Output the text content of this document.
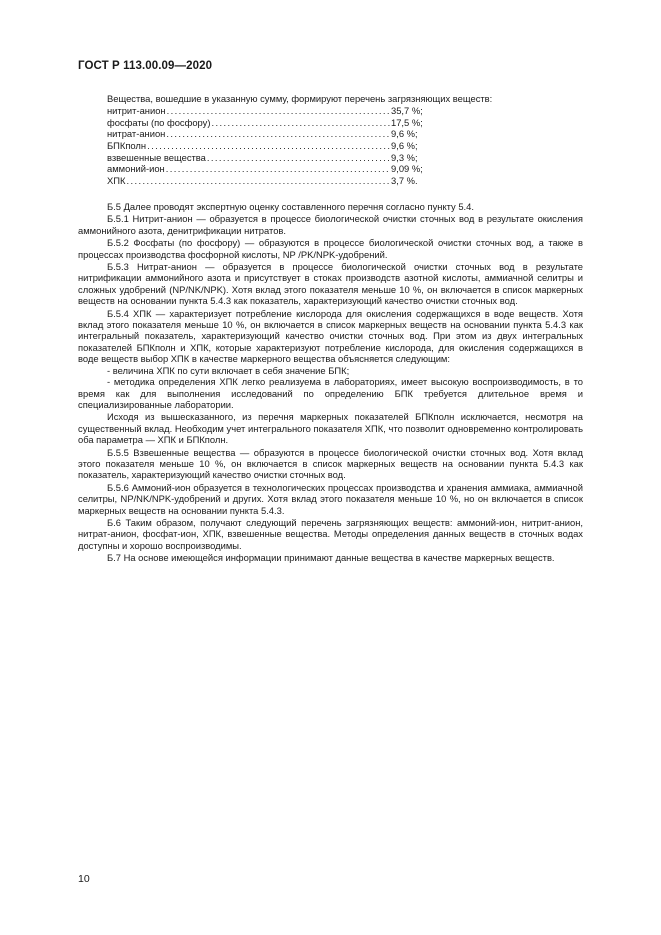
ГОСТ Р 113.00.09—2020
Вещества, вошедшие в указанную сумму, формируют перечень загрязняющих веществ:
нитрит-анион .....	35,7 %;
фосфаты (по фосфору) .....	17,5 %;
нитрат-анион .....	9,6 %;
БПКполн .....	9,6 %;
взвешенные вещества .....	9,3 %;
аммоний-ион .....	9,09 %;
ХПК .....	3,7 %.

Б.5 Далее проводят экспертную оценку составленного перечня согласно пункту 5.4.

Б.5.1 Нитрит-анион — образуется в процессе биологической очистки сточных вод в результате окисления аммонийного азота, денитрификации нитратов.

Б.5.2 Фосфаты (по фосфору) — образуются в процессе биологической очистки сточных вод, а также в процессах производства фосфорной кислоты, NP /PK/NPK-удобрений.

Б.5.3 Нитрат-анион — образуется в процессе биологической очистки сточных вод в результате нитрификации аммонийного азота и присутствует в стоках производств азотной кислоты, аммиачной селитры и сложных удобрений (NP/NK/NPK). Хотя вклад этого показателя меньше 10 %, он включается в список маркерных веществ на основании пункта 5.4.3 как показатель, характеризующий качество очистки сточных вод.

Б.5.4 ХПК — характеризует потребление кислорода для окисления содержащихся в воде веществ. Хотя вклад этого показателя меньше 10 %, он включается в список маркерных веществ на основании пункта 5.4.3 как интегральный показатель, характеризующий качество очистки сточных вод. При этом из двух интегральных показателей БПКполн и ХПК, которые характеризуют потребление кислорода, для окисления содержащихся в воде веществ выбор ХПК в качестве маркерного вещества объясняется следующим:

- величина ХПК по сути включает в себя значение БПК;

- методика определения ХПК легко реализуема в лабораториях, имеет высокую воспроизводимость, в то время как для выполнения исследований по определению БПК требуется длительное время и специализированные лаборатории.

Исходя из вышесказанного, из перечня маркерных показателей БПКполн исключается, несмотря на существенный вклад. Необходим учет интегрального показателя ХПК, что позволит одновременно контролировать оба параметра — ХПК и БПКполн.

Б.5.5 Взвешенные вещества — образуются в процессе биологической очистки сточных вод. Хотя вклад этого показателя меньше 10 %, он включается в список маркерных веществ на основании пункта 5.4.3 как показатель, характеризующий качество очистки сточных вод.

Б.5.6 Аммоний-ион образуется в технологических процессах производства и хранения аммиака, аммиачной селитры, NP/NK/NPK-удобрений и других. Хотя вклад этого показателя меньше 10 %, но он включается в список маркерных веществ на основании пункта 5.4.3.

Б.6 Таким образом, получают следующий перечень загрязняющих веществ: аммоний-ион, нитрит-анион, нитрат-анион, фосфат-ион, ХПК, взвешенные вещества. Методы определения данных веществ в сточных водах доступны и хорошо воспроизводимы.

Б.7 На основе имеющейся информации принимают данные вещества в качестве маркерных веществ.

10
